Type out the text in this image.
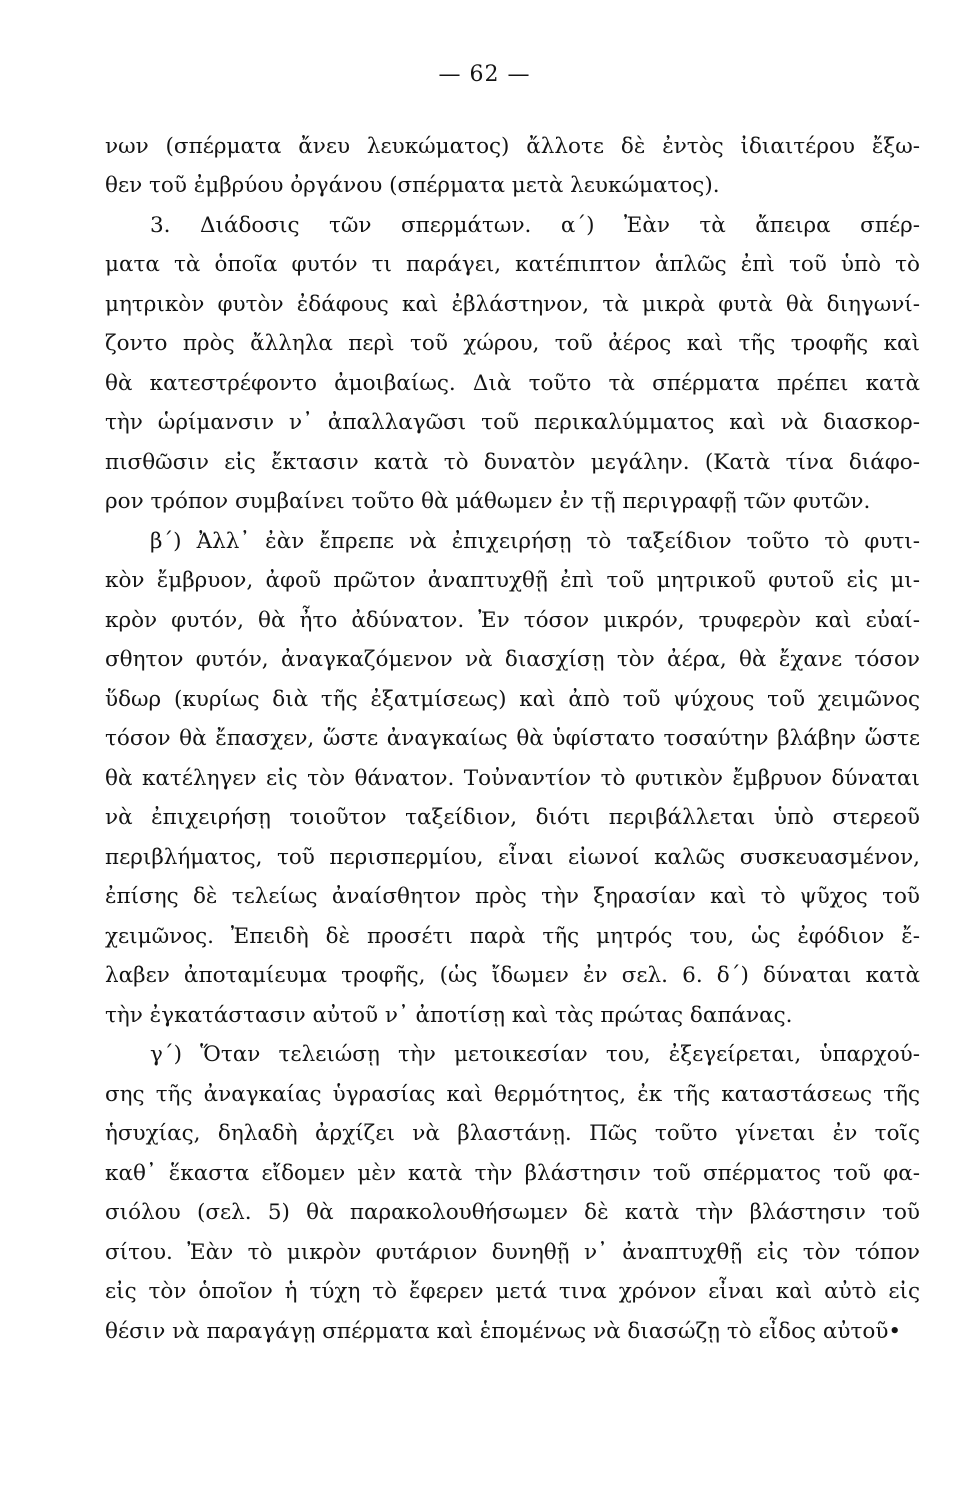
— 62 —
νων (σπέρματα ἄνευ λευκώματος) ἄλλοτε δὲ ἐντὸς ἰδιαιτέρου ἔξω-
θεν τοῦ ἐμβρύου ὀργάνου (σπέρματα μετὰ λευκώματος).
3. Διάδοσις τῶν σπερμάτων. α΄) Ἐὰν τὰ ἄπειρα σπέρ-
ματα τὰ ὁποῖα φυτόν τι παράγει, κατέπιπτον ἁπλῶς ἐπὶ τοῦ ὑπὸ τὸ
μητρικὸν φυτὸν ἐδάφους καὶ ἐβλάστηνον, τὰ μικρὰ φυτὰ θὰ διηγωνί-
ζοντο πρὸς ἄλληλα περὶ τοῦ χώρου, τοῦ ἀέρος καὶ τῆς τροφῆς καὶ
θὰ κατεστρέφοντο ἀμοιβαίως. Διὰ τοῦτο τὰ σπέρματα πρέπει κατὰ
τὴν ὡρίμανσιν ν᾽ ἀπαλλαγῶσι τοῦ περικαλύμματος καὶ νὰ διασκορ-
πισθῶσιν εἰς ἔκτασιν κατὰ τὸ δυνατὸν μεγάλην. (Κατὰ τίνα διάφο-
ρον τρόπον συμβαίνει τοῦτο θὰ μάθωμεν ἐν τῇ περιγραφῇ τῶν φυτῶν.
β΄) Ἀλλ᾽ ἐὰν ἔπρεπε νὰ ἐπιχειρήσῃ τὸ ταξείδιον τοῦτο τὸ φυτι-
κὸν ἔμβρυον, ἀφοῦ πρῶτον ἀναπτυχθῇ ἐπὶ τοῦ μητρικοῦ φυτοῦ εἰς μι-
κρὸν φυτόν, θὰ ἦτο ἀδύνατον. Ἐν τόσον μικρόν, τρυφερὸν καὶ εὐαί-
σθητον φυτόν, ἀναγκαζόμενον νὰ διασχίσῃ τὸν ἀέρα, θὰ ἔχανε τόσον
ὕδωρ (κυρίως διὰ τῆς ἐξατμίσεως) καὶ ἀπὸ τοῦ ψύχους τοῦ χειμῶνος
τόσον θὰ ἔπασχεν, ὥστε ἀναγκαίως θὰ ὑφίστατο τοσαύτην βλάβην ὥστε
θὰ κατέληγεν εἰς τὸν θάνατον. Τοὐναντίον τὸ φυτικὸν ἔμβρυον δύναται
νὰ ἐπιχειρήσῃ τοιοῦτον ταξείδιον, διότι περιβάλλεται ὑπὸ στερεοῦ
περιβλήματος, τοῦ περισπερμίου, εἶναι εἰωνοί καλῶς συσκευασμένον,
ἐπίσης δὲ τελείως ἀναίσθητον πρὸς τὴν ξηρασίαν καὶ τὸ ψῦχος τοῦ
χειμῶνος. Ἐπειδὴ δὲ προσέτι παρὰ τῆς μητρός του, ὡς ἐφόδιον ἔ-
λαβεν ἀποταμίευμα τροφῆς, (ὡς ἴδωμεν ἐν σελ. 6. δ΄) δύναται κατὰ
τὴν ἐγκατάστασιν αὐτοῦ ν᾽ ἀποτίσῃ καὶ τὰς πρώτας δαπάνας.
γ΄) Ὅταν τελειώσῃ τὴν μετοικεσίαν του, ἐξεγείρεται, ὑπαρχού-
σης τῆς ἀναγκαίας ὑγρασίας καὶ θερμότητος, ἐκ τῆς καταστάσεως τῆς
ἡσυχίας, δηλαδὴ ἀρχίζει νὰ βλαστάνῃ. Πῶς τοῦτο γίνεται ἐν τοῖς
καθ᾽ ἕκαστα εἴδομεν μὲν κατὰ τὴν βλάστησιν τοῦ σπέρματος τοῦ φα-
σιόλου (σελ. 5) θὰ παρακολουθήσωμεν δὲ κατὰ τὴν βλάστησιν τοῦ
σίτου. Ἐὰν τὸ μικρὸν φυτάριον δυνηθῇ ν᾽ ἀναπτυχθῇ εἰς τὸν τόπον
εἰς τὸν ὁποῖον ἡ τύχη τὸ ἔφερεν μετά τινα χρόνον εἶναι καὶ αὐτὸ εἰς
θέσιν νὰ παραγάγῃ σπέρματα καὶ ἑπομένως νὰ διασώζῃ τὸ εἶδος αὐτοῦ•
